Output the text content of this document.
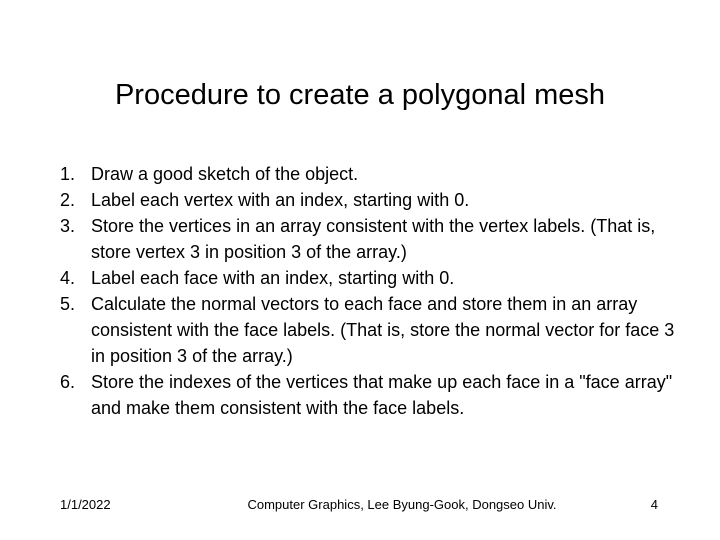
Procedure to create a polygonal mesh
1. Draw a good sketch of the object.
2. Label each vertex with an index, starting with 0.
3. Store the vertices in an array consistent with the vertex labels. (That is, store vertex 3 in position 3 of the array.)
4. Label each face with an index, starting with 0.
5. Calculate the normal vectors to each face and store them in an array consistent with the face labels. (That is, store the normal vector for face 3 in position 3 of the array.)
6. Store the indexes of the vertices that make up each face in a "face array" and make them consistent with the face labels.
1/1/2022	Computer Graphics, Lee Byung-Gook, Dongseo Univ.	4
